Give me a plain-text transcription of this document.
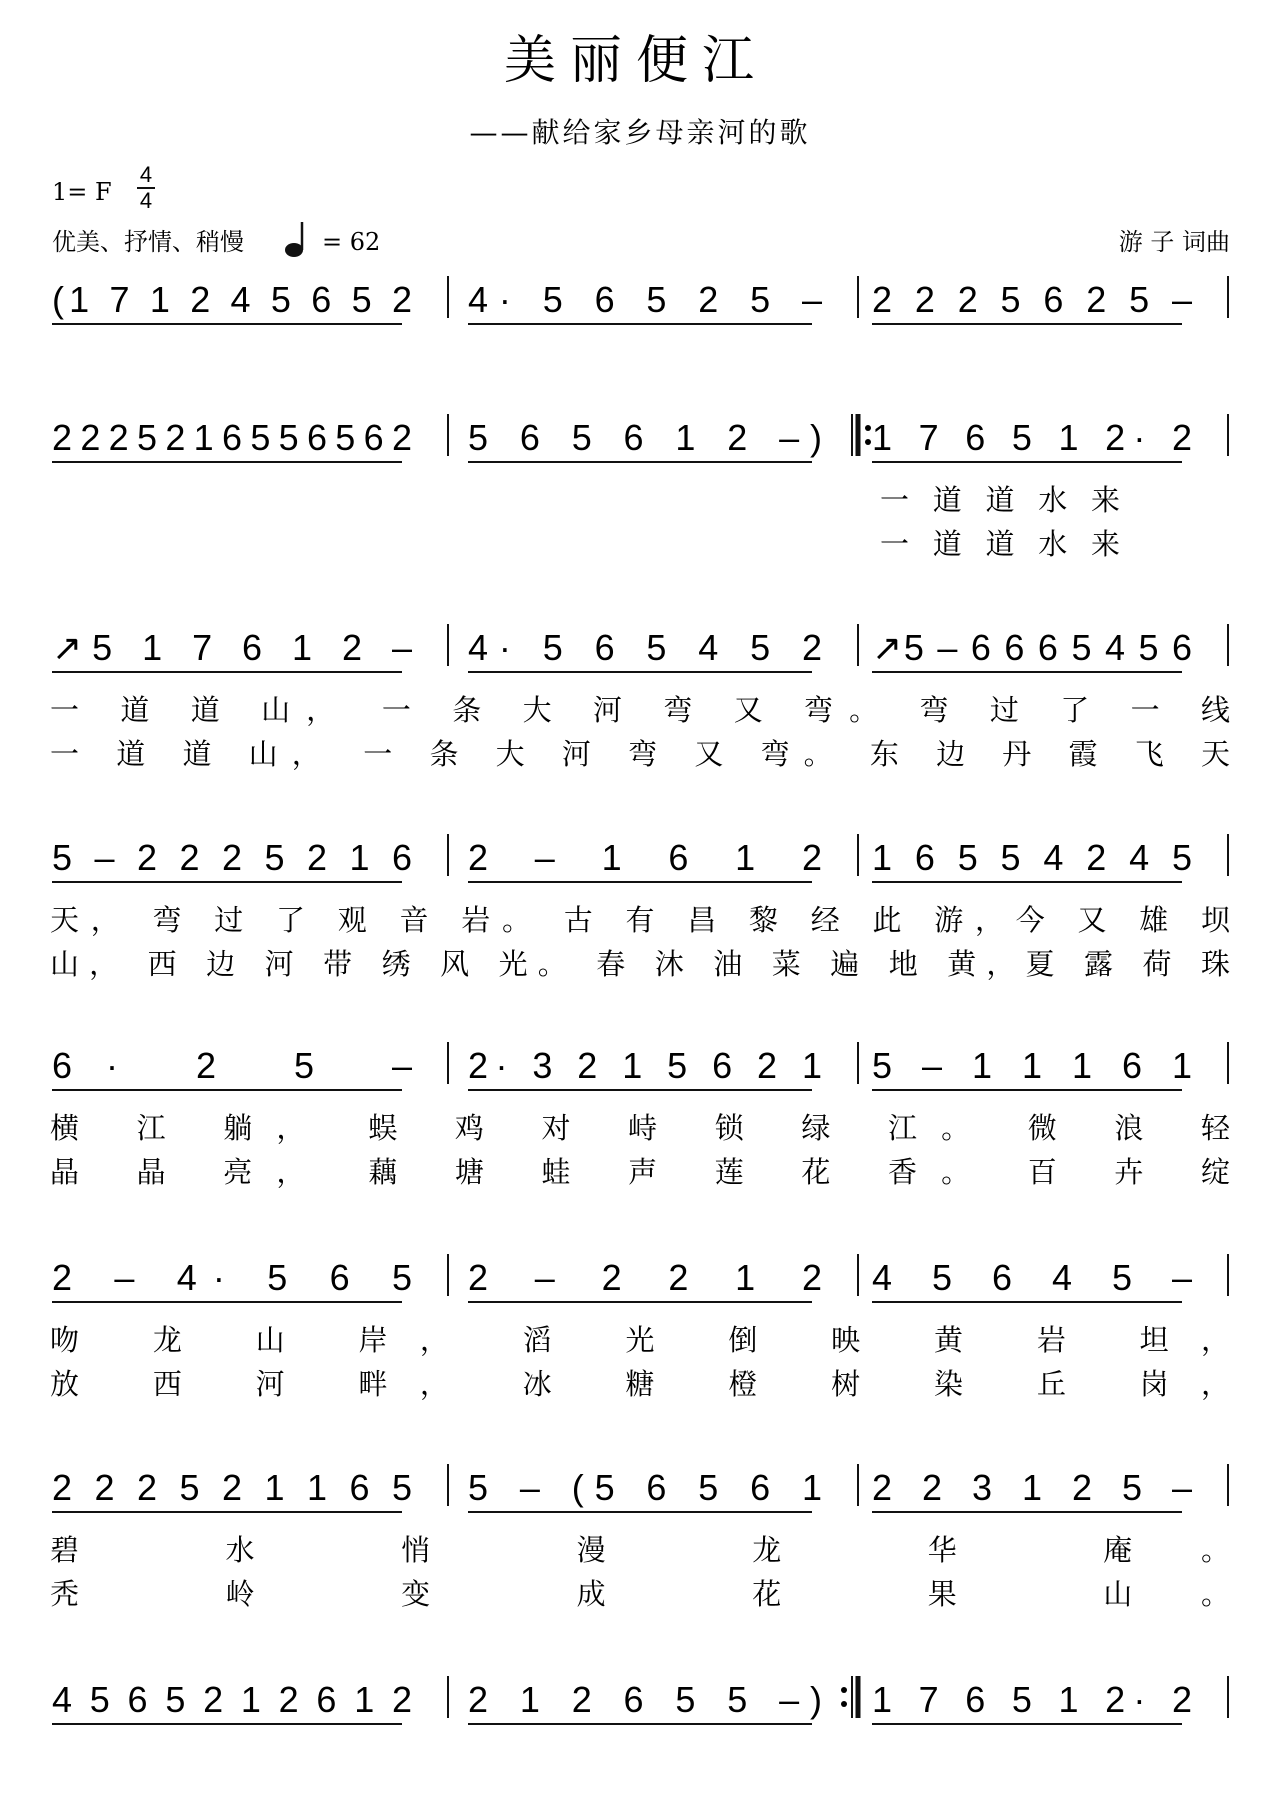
美丽便江
——献给家乡母亲河的歌
1= F
4
4
优美、抒情、稍慢	= 62	游 子 词曲
(1 7 1 2 4 5 6 5 2 4· 5 6 5 2 5 – 2 2 2 5 6 2 5 –
2 2 2 5 2 1 6 5 5 6 5 6 2 5 6 5 6 1 2 –) 1 7 6 5 1 2· 2
一 道 道 水 来
一 道 道 水 来
↗5 1 7 6 1 2 – 4· 5 6 5 4 5 2 ↗5 – 6 6 6 5 4 5 6
一 道 道 山，　一 条 大 河 弯 又 弯。 弯 过 了 一 线
一 道 道 山，　一 条 大 河 弯 又 弯。 东 边 丹 霞 飞 天
5 – 2 2 2 5 2 1 6 2 – 1 6 1 2 1 6 5 5 4 2 4 5
天， 弯 过 了 观 音 岩。 古 有 昌 黎 经 此 游，今 又 雄 坝
山， 西 边 河 带 绣 风 光。 春 沐 油 菜 遍 地 黄，夏 露 荷 珠
6· 2 5 – 2· 3 2 1 5 6 2 1 5 – 1 1 1 6 1
横 江 躺，　蜈 鸡 对 峙 锁 绿 江。 微 浪 轻
晶 晶 亮，　藕 塘 蛙 声 莲 花 香。 百 卉 绽
2 – 4· 5 6 5 2 – 2 2 1 2 4 5 6 4 5 –
吻 龙 山 岸， 滔 光 倒 映 黄 岩 坦，
放 西 河 畔， 冰 糖 橙 树 染 丘 岗，
2 2 2 5 2 1 1 6 5 5 – (5 6 5 6 1 2 2 3 1 2 5 –
碧 水 悄 漫 龙 华 庵。
秃 岭 变 成 花 果 山。
4 5 6 5 2 1 2 6 1 2 2 1 2 6 5 5 –) 1 7 6 5 1 2· 2
